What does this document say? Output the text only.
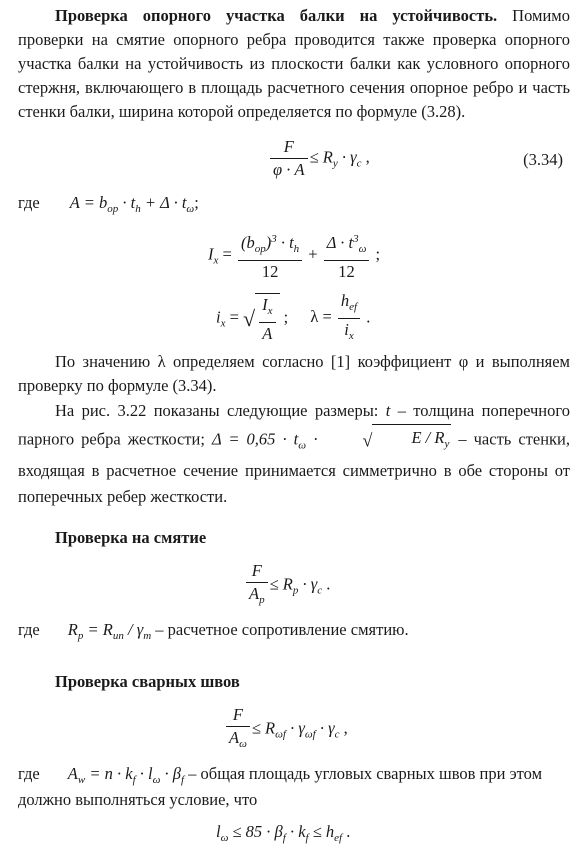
Проверка опорного участка балки на устойчивость. Помимо проверки на смятие опорного ребра проводится также проверка опорного участка балки на устойчивость из плоскости балки как условного опорного стержня, включающего в площадь расчетного сечения опорное ребро и часть стенки балки, ширина которой определяется по формуле (3.28).
$\frac{F}{\varphi \cdot A} \le R_y \cdot \gamma_c$ ,	(3.34)
где $A = b_{op} \cdot t_h + \Delta \cdot t_\omega$;
$I_x = \frac{(b_{op})^3 \cdot t_h}{12} + \frac{\Delta \cdot t^3_\omega}{12}$ ;
$i_x$ = √ $\frac{I_x}{A}$ ; $\lambda = \frac{h_{ef}}{i_x}$ .
По значению λ определяем согласно [1] коэффициент φ и выполняем проверку по формуле (3.34).
На рис. 3.22 показаны следующие размеры: t – толщина поперечного парного ребра жесткости; $\Delta = 0,65 \cdot t_\omega$ · √ E / $R_y$ – часть стенки, входящая в расчетное сечение принимается симметрично в обе стороны от поперечных ребер жесткости.
Проверка на смятие
$\frac{F}{A_p} \le R_p \cdot \gamma_c$ .
где $R_p = R_{un} / \gamma_m$ – расчетное сопротивление смятию.
Проверка сварных швов
$\frac{F}{A_\omega} \le R_{\omega f} \cdot \gamma_{\omega f} \cdot \gamma_c$ ,
где $A_w = n \cdot k_f \cdot l_\omega \cdot \beta_f$ – общая площадь угловых сварных швов при этом
должно выполняться условие, что
$l_\omega \le 85 \cdot \beta_f \cdot k_f \le h_{ef}$ .
